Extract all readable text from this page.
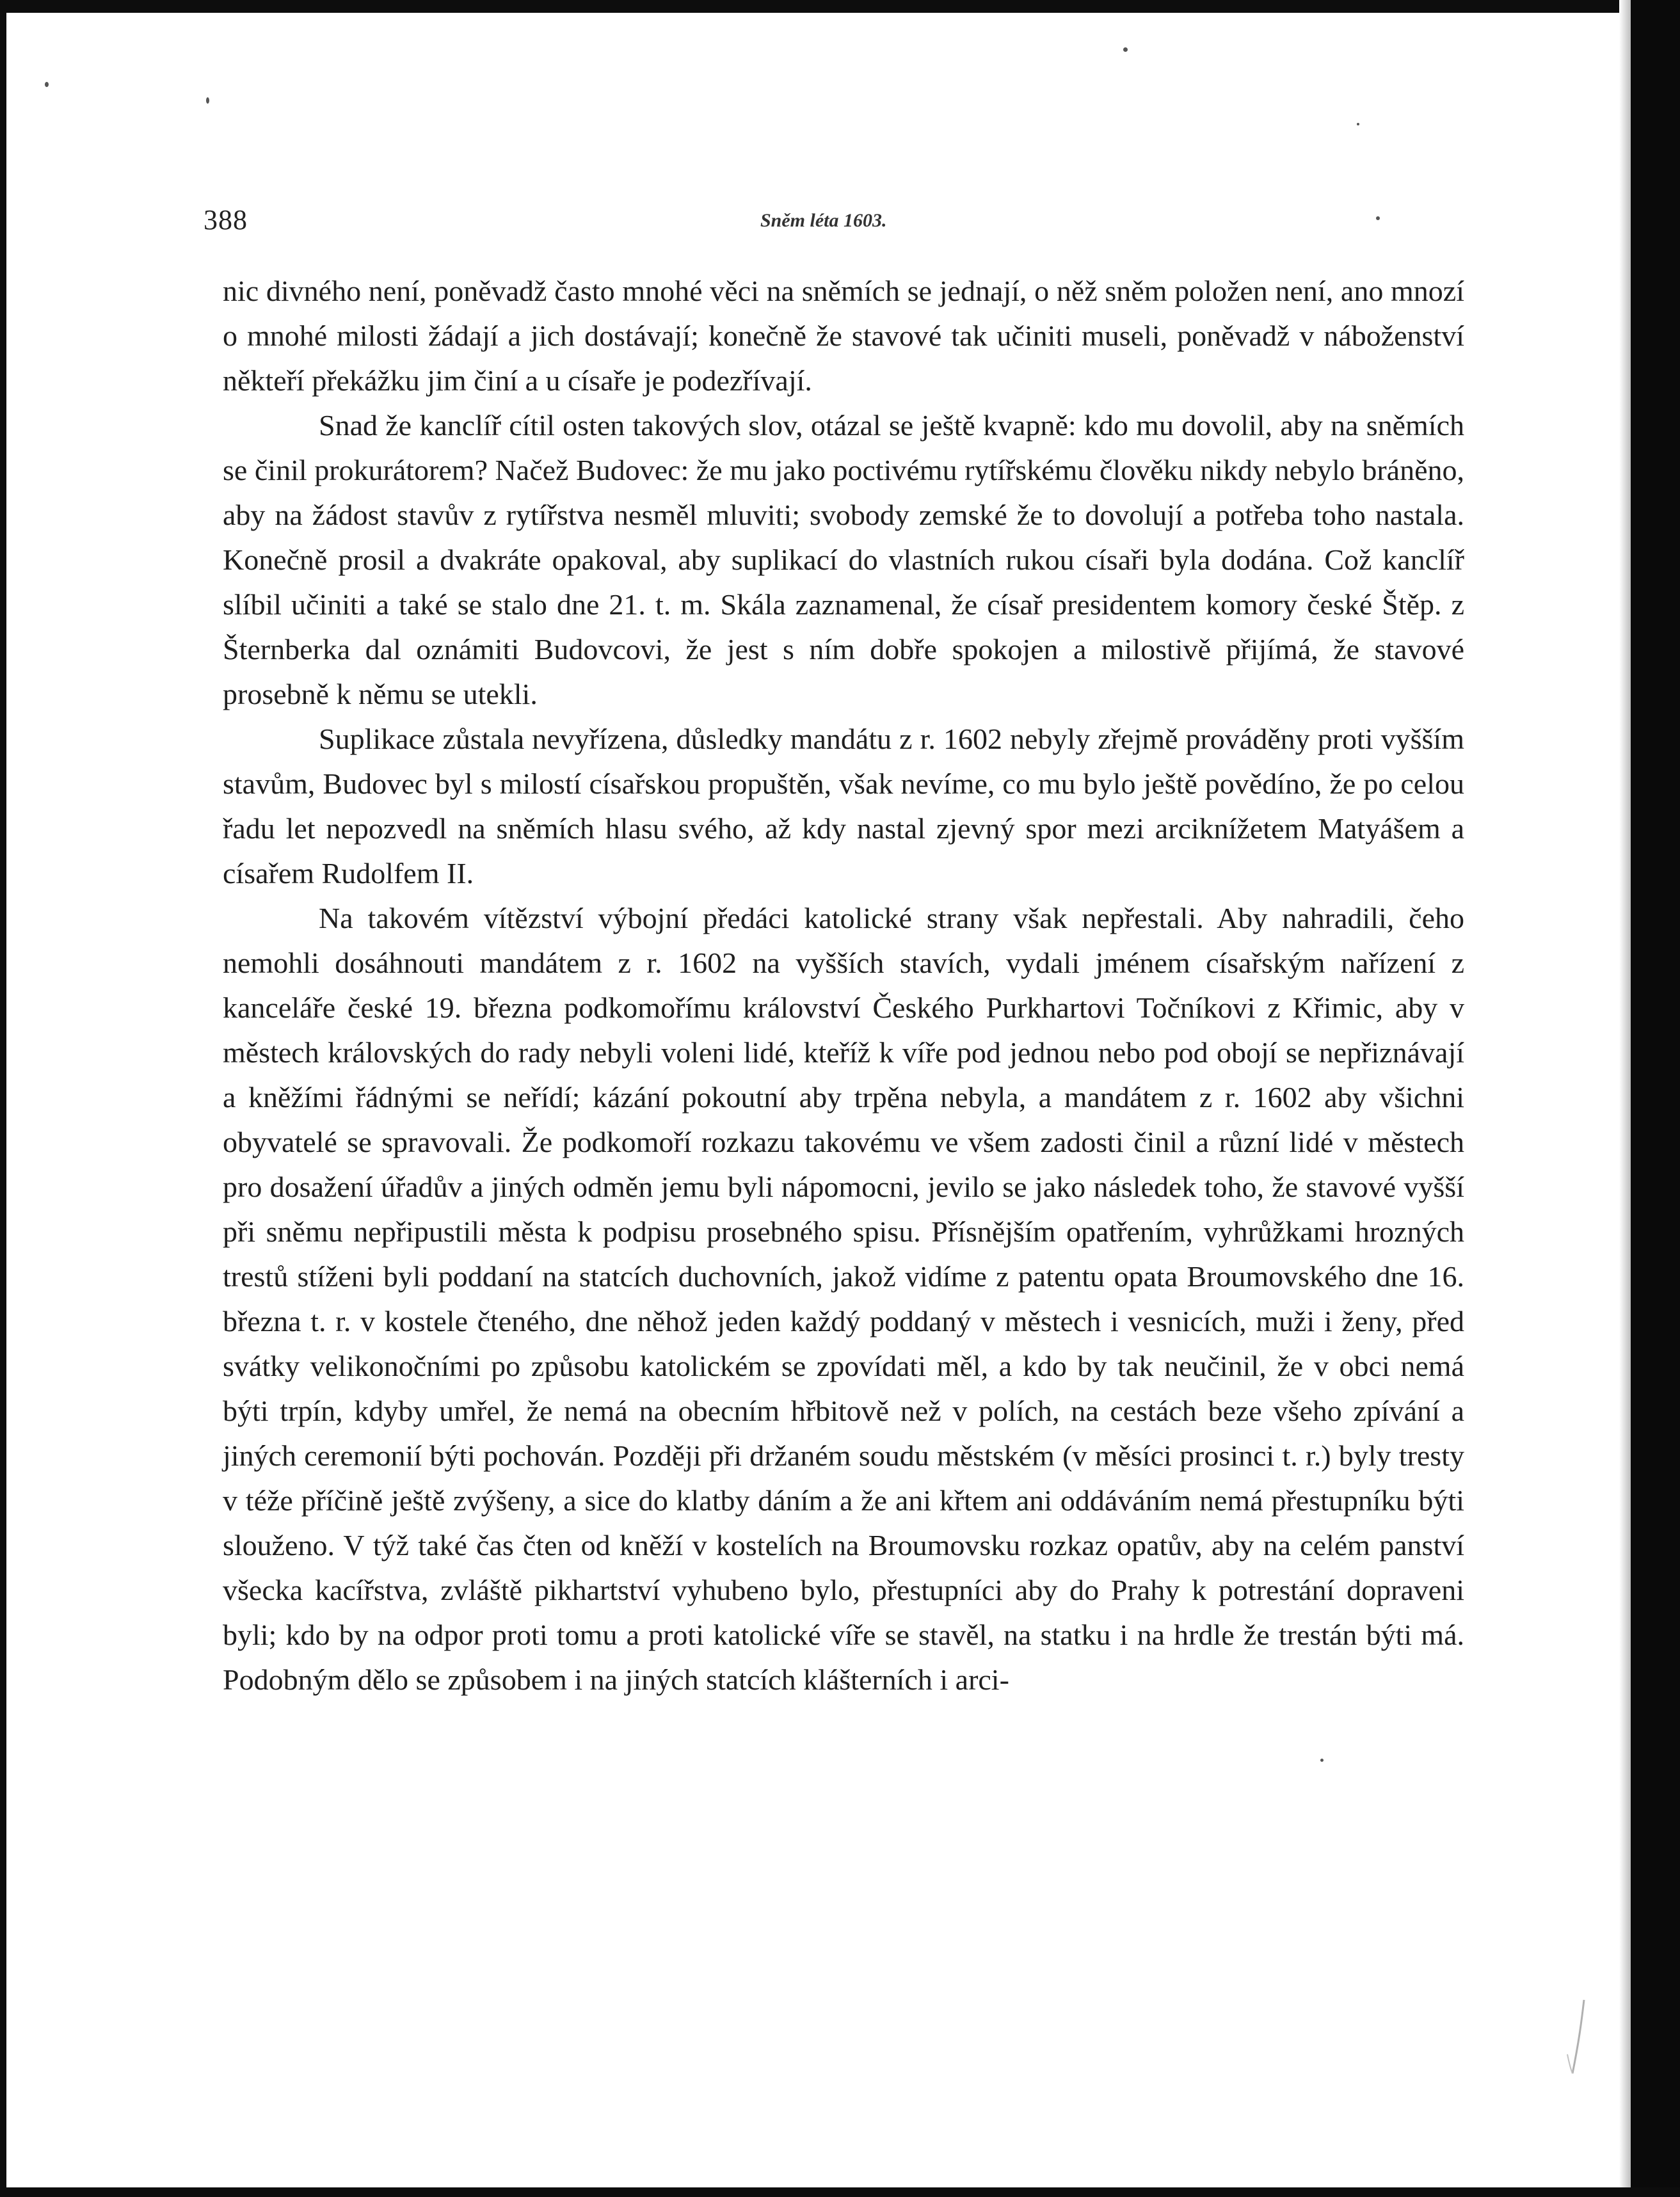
388	Sněm léta 1603.

nic divného není, poněvadž často mnohé věci na sněmích se jednají, o něž sněm položen není, ano mnozí o mnohé milosti žádají a jich dostávají; konečně že stavové tak učiniti museli, poněvadž v náboženství někteří překážku jim činí a u císaře je podezřívají.

Snad že kanclíř cítil osten takových slov, otázal se ještě kvapně: kdo mu dovolil, aby na sněmích se činil prokurátorem? Načež Budovec: že mu jako poctivému rytířskému člověku nikdy nebylo bráněno, aby na žádost stavův z rytířstva nesměl mluviti; svobody zemské že to dovolují a potřeba toho nastala. Konečně prosil a dvakráte opakoval, aby suplikací do vlastních rukou císaři byla dodána. Což kanclíř slíbil učiniti a také se stalo dne 21. t. m. Skála zaznamenal, že císař presidentem komory české Štěp. z Šternberka dal oznámiti Budovcovi, že jest s ním dobře spokojen a milostivě přijímá, že stavové prosebně k němu se utekli.

Suplikace zůstala nevyřízena, důsledky mandátu z r. 1602 nebyly zřejmě prováděny proti vyšším stavům, Budovec byl s milostí císařskou propuštěn, však nevíme, co mu bylo ještě povědíno, že po celou řadu let nepozvedl na sněmích hlasu svého, až kdy nastal zjevný spor mezi arciknížetem Matyášem a císařem Rudolfem II.

Na takovém vítězství výbojní předáci katolické strany však nepřestali. Aby nahradili, čeho nemohli dosáhnouti mandátem z r. 1602 na vyšších stavích, vydali jménem císařským nařízení z kanceláře české 19. března podkomořímu království Českého Purkhartovi Točníkovi z Křimic, aby v městech královských do rady nebyli voleni lidé, kteříž k víře pod jednou nebo pod obojí se nepřiznávají a kněžími řádnými se neřídí; kázání pokoutní aby trpěna nebyla, a mandátem z r. 1602 aby všichni obyvatelé se spravovali. Že podkomoří rozkazu takovému ve všem zadosti činil a různí lidé v městech pro dosažení úřadův a jiných odměn jemu byli nápomocni, jevilo se jako následek toho, že stavové vyšší při sněmu nepřipustili města k podpisu prosebného spisu. Přísnějším opatřením, vyhrůžkami hrozných trestů stíženi byli poddaní na statcích duchovních, jakož vidíme z patentu opata Broumovského dne 16. března t. r. v kostele čteného, dne něhož jeden každý poddaný v městech i vesnicích, muži i ženy, před svátky velikonočními po způsobu katolickém se zpovídati měl, a kdo by tak neučinil, že v obci nemá býti trpín, kdyby umřel, že nemá na obecním hřbitově než v polích, na cestách beze všeho zpívání a jiných ceremonií býti pochován. Později při držaném soudu městském (v měsíci prosinci t. r.) byly tresty v téže příčině ještě zvýšeny, a sice do klatby dáním a že ani křtem ani oddáváním nemá přestupníku býti slouženo. V týž také čas čten od kněží v kostelích na Broumovsku rozkaz opatův, aby na celém panství všecka kacířstva, zvláště pikhartství vyhubeno bylo, přestupníci aby do Prahy k potrestání dopraveni byli; kdo by na odpor proti tomu a proti katolické víře se stavěl, na statku i na hrdle že trestán býti má. Podobným dělo se způsobem i na jiných statcích klášterních i arci-
